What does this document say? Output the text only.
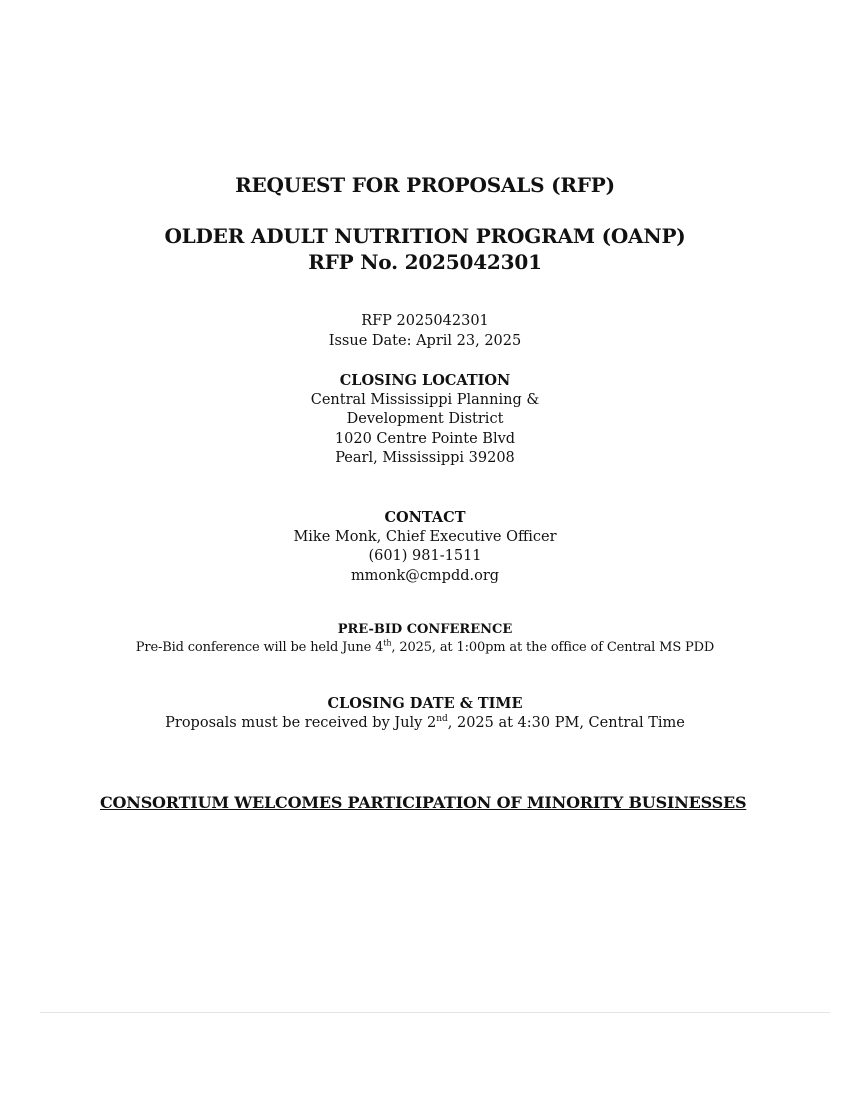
REQUEST FOR PROPOSALS (RFP)
OLDER ADULT NUTRITION PROGRAM (OANP)
RFP No. 2025042301
RFP 2025042301
Issue Date: April 23, 2025
CLOSING LOCATION
Central Mississippi Planning &
Development District
1020 Centre Pointe Blvd
Pearl, Mississippi 39208
CONTACT
Mike Monk, Chief Executive Officer
(601) 981-1511
mmonk@cmpdd.org
PRE-BID CONFERENCE
Pre-Bid conference will be held June 4th, 2025, at 1:00pm at the office of Central MS PDD
CLOSING DATE & TIME
Proposals must be received by July 2nd, 2025 at 4:30 PM, Central Time
CONSORTIUM WELCOMES PARTICIPATION OF MINORITY BUSINESSES
